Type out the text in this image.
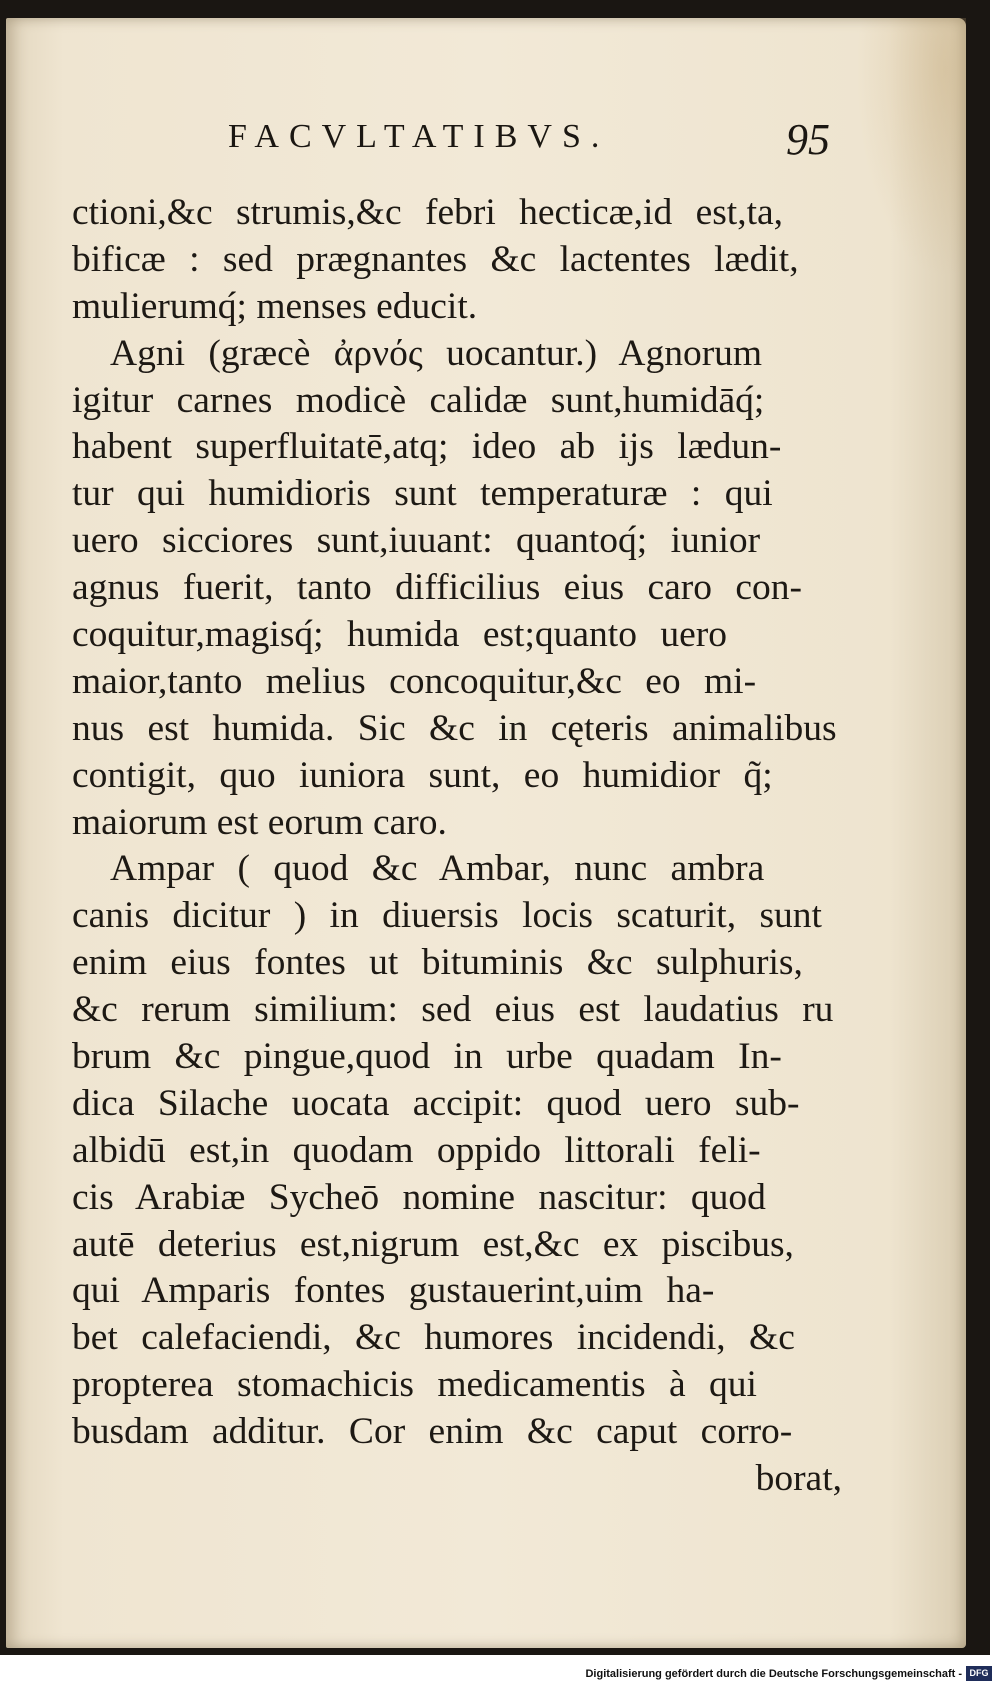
FACVLTATIBVS.	95
ctioni,&c strumis,&c febri hecticæ,id est,ta,
bificæ : sed prægnantes &c lactentes lædit,
mulierumq́; menses educit.
Agni (græcè ἀρνός uocantur.) Agnorum
igitur carnes modicè calidæ sunt,humidāq́;
habent superfluitatē,atq; ideo ab ijs lædun-
tur qui humidioris sunt temperaturæ : qui
uero sicciores sunt,iuuant: quantoq́; iunior
agnus fuerit, tanto difficilius eius caro con-
coquitur,magisq́; humida est;quanto uero
maior,tanto melius concoquitur,&c eo mi-
nus est humida. Sic &c in cęteris animalibus
contigit, quo iuniora sunt, eo humidior q̃;
maiorum est eorum caro.
Ampar ( quod &c Ambar, nunc ambra
canis dicitur ) in diuersis locis scaturit, sunt
enim eius fontes ut bituminis &c sulphuris,
&c rerum similium: sed eius est laudatius ru
brum &c pingue,quod in urbe quadam In-
dica Silache uocata accipit: quod uero sub-
albidū est,in quodam oppido littorali feli-
cis Arabiæ Sycheō nomine nascitur: quod
autē deterius est,nigrum est,&c ex piscibus,
qui Amparis fontes gustauerint,uim ha-
bet calefaciendi, &c humores incidendi, &c
propterea stomachicis medicamentis à qui
busdam additur. Cor enim &c caput corro-
borat,
Digitalisierung gefördert durch die Deutsche Forschungsgemeinschaft - DFG
